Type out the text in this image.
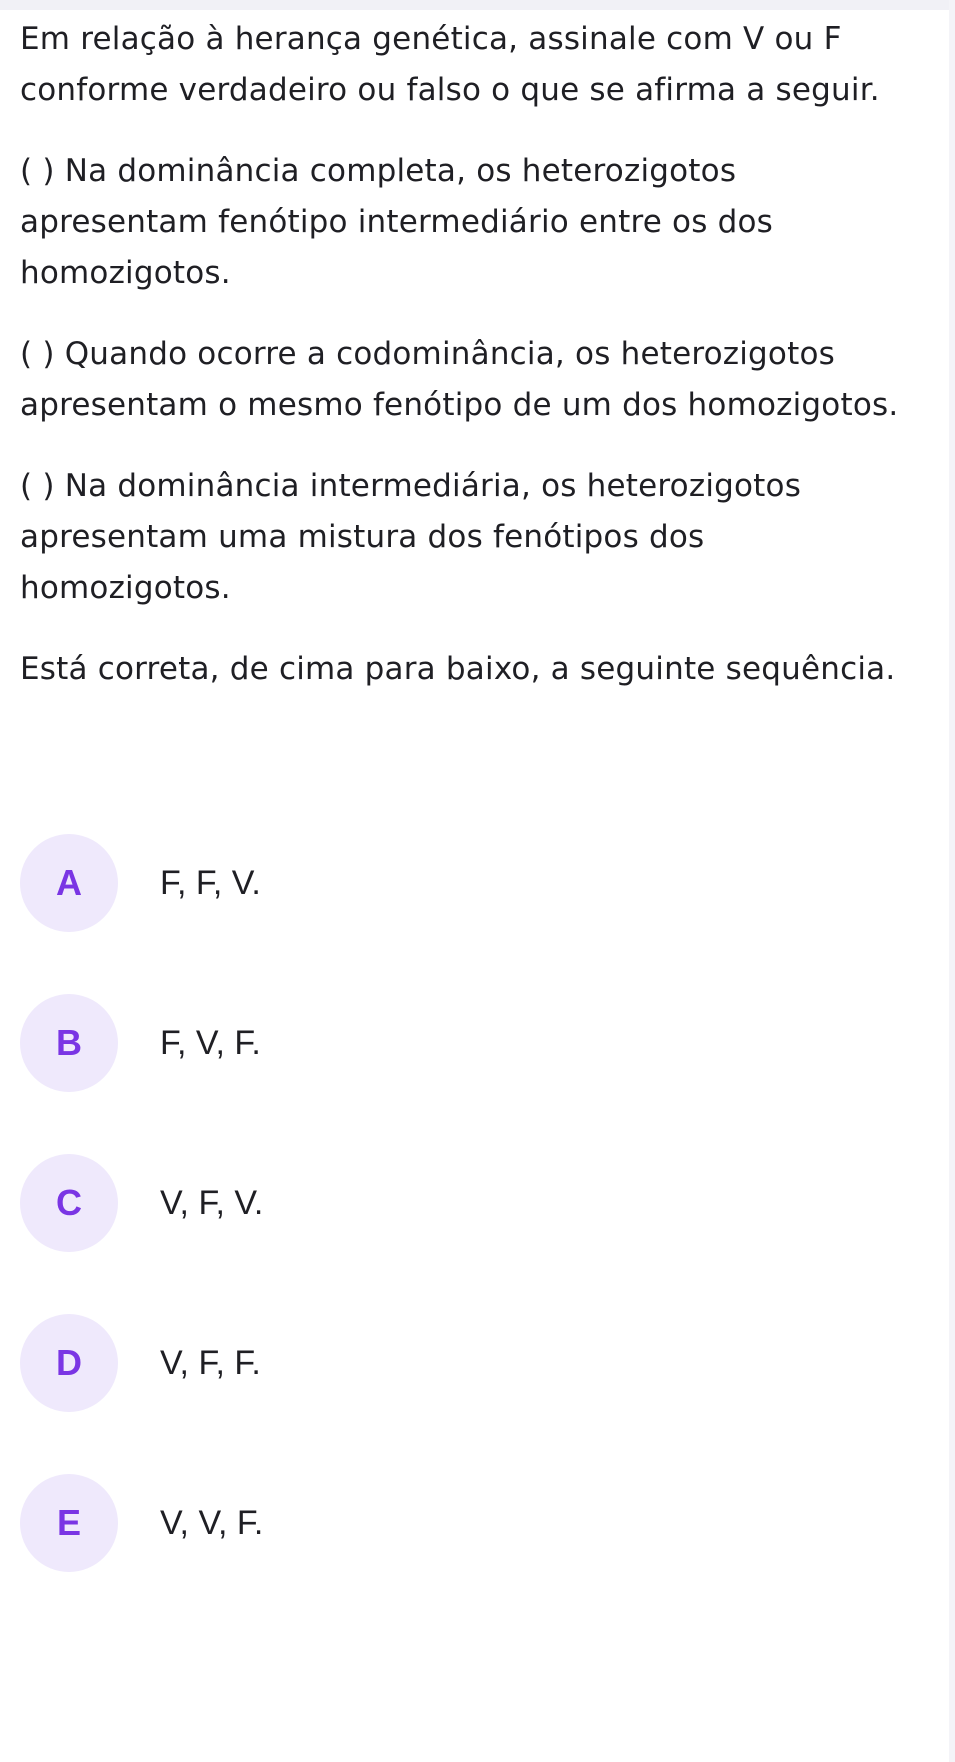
Em relação à herança genética, assinale com V ou F conforme verdadeiro ou falso o que se afirma a seguir.

( ) Na dominância completa, os heterozigotos apresentam fenótipo intermediário entre os dos homozigotos.

( ) Quando ocorre a codominância, os heterozigotos apresentam o mesmo fenótipo de um dos homozigotos.

( ) Na dominância intermediária, os heterozigotos apresentam uma mistura dos fenótipos dos homozigotos.

Está correta, de cima para baixo, a seguinte sequência.

A	F, F, V.
B	F, V, F.
C	V, F, V.
D	V, F, F.
E	V, V, F.
